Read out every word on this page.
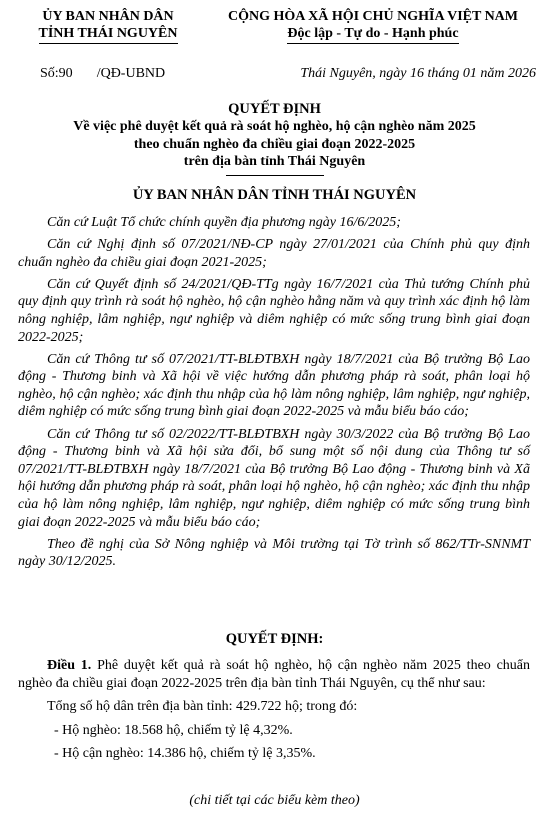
ỦY BAN NHÂN DÂN
TỈNH THÁI NGUYÊN
CỘNG HÒA XÃ HỘI CHỦ NGHĨA VIỆT NAM
Độc lập - Tự do - Hạnh phúc
Số:90 /QĐ-UBND	Thái Nguyên, ngày 16 tháng 01 năm 2026
QUYẾT ĐỊNH
Về việc phê duyệt kết quả rà soát hộ nghèo, hộ cận nghèo năm 2025
theo chuẩn nghèo đa chiều giai đoạn 2022-2025
trên địa bàn tỉnh Thái Nguyên
ỦY BAN NHÂN DÂN TỈNH THÁI NGUYÊN

Căn cứ Luật Tổ chức chính quyền địa phương ngày 16/6/2025;

Căn cứ Nghị định số 07/2021/NĐ-CP ngày 27/01/2021 của Chính phủ quy định chuẩn nghèo đa chiều giai đoạn 2021-2025;

Căn cứ Quyết định số 24/2021/QĐ-TTg ngày 16/7/2021 của Thủ tướng Chính phủ quy định quy trình rà soát hộ nghèo, hộ cận nghèo hằng năm và quy trình xác định hộ làm nông nghiệp, lâm nghiệp, ngư nghiệp và diêm nghiệp có mức sống trung bình giai đoạn 2022-2025;

Căn cứ Thông tư số 07/2021/TT-BLĐTBXH ngày 18/7/2021 của Bộ trưởng Bộ Lao động - Thương binh và Xã hội về việc hướng dẫn phương pháp rà soát, phân loại hộ nghèo, hộ cận nghèo; xác định thu nhập của hộ làm nông nghiệp, lâm nghiệp, ngư nghiệp, diêm nghiệp có mức sống trung bình giai đoạn 2022-2025 và mẫu biểu báo cáo;

Căn cứ Thông tư số 02/2022/TT-BLĐTBXH ngày 30/3/2022 của Bộ trưởng Bộ Lao động - Thương binh và Xã hội sửa đổi, bổ sung một số nội dung của Thông tư số 07/2021/TT-BLĐTBXH ngày 18/7/2021 của Bộ trưởng Bộ Lao động - Thương binh và Xã hội hướng dẫn phương pháp rà soát, phân loại hộ nghèo, hộ cận nghèo; xác định thu nhập của hộ làm nông nghiệp, lâm nghiệp, ngư nghiệp, diêm nghiệp có mức sống trung bình giai đoạn 2022-2025 và mẫu biểu báo cáo;

Theo đề nghị của Sở Nông nghiệp và Môi trường tại Tờ trình số 862/TTr-SNNMT ngày 30/12/2025.

QUYẾT ĐỊNH:

Điều 1. Phê duyệt kết quả rà soát hộ nghèo, hộ cận nghèo năm 2025 theo chuẩn nghèo đa chiều giai đoạn 2022-2025 trên địa bàn tỉnh Thái Nguyên, cụ thể như sau:

Tổng số hộ dân trên địa bàn tỉnh: 429.722 hộ; trong đó:

- Hộ nghèo: 18.568 hộ, chiếm tỷ lệ 4,32%.

- Hộ cận nghèo: 14.386 hộ, chiếm tỷ lệ 3,35%.

(chi tiết tại các biểu kèm theo)
